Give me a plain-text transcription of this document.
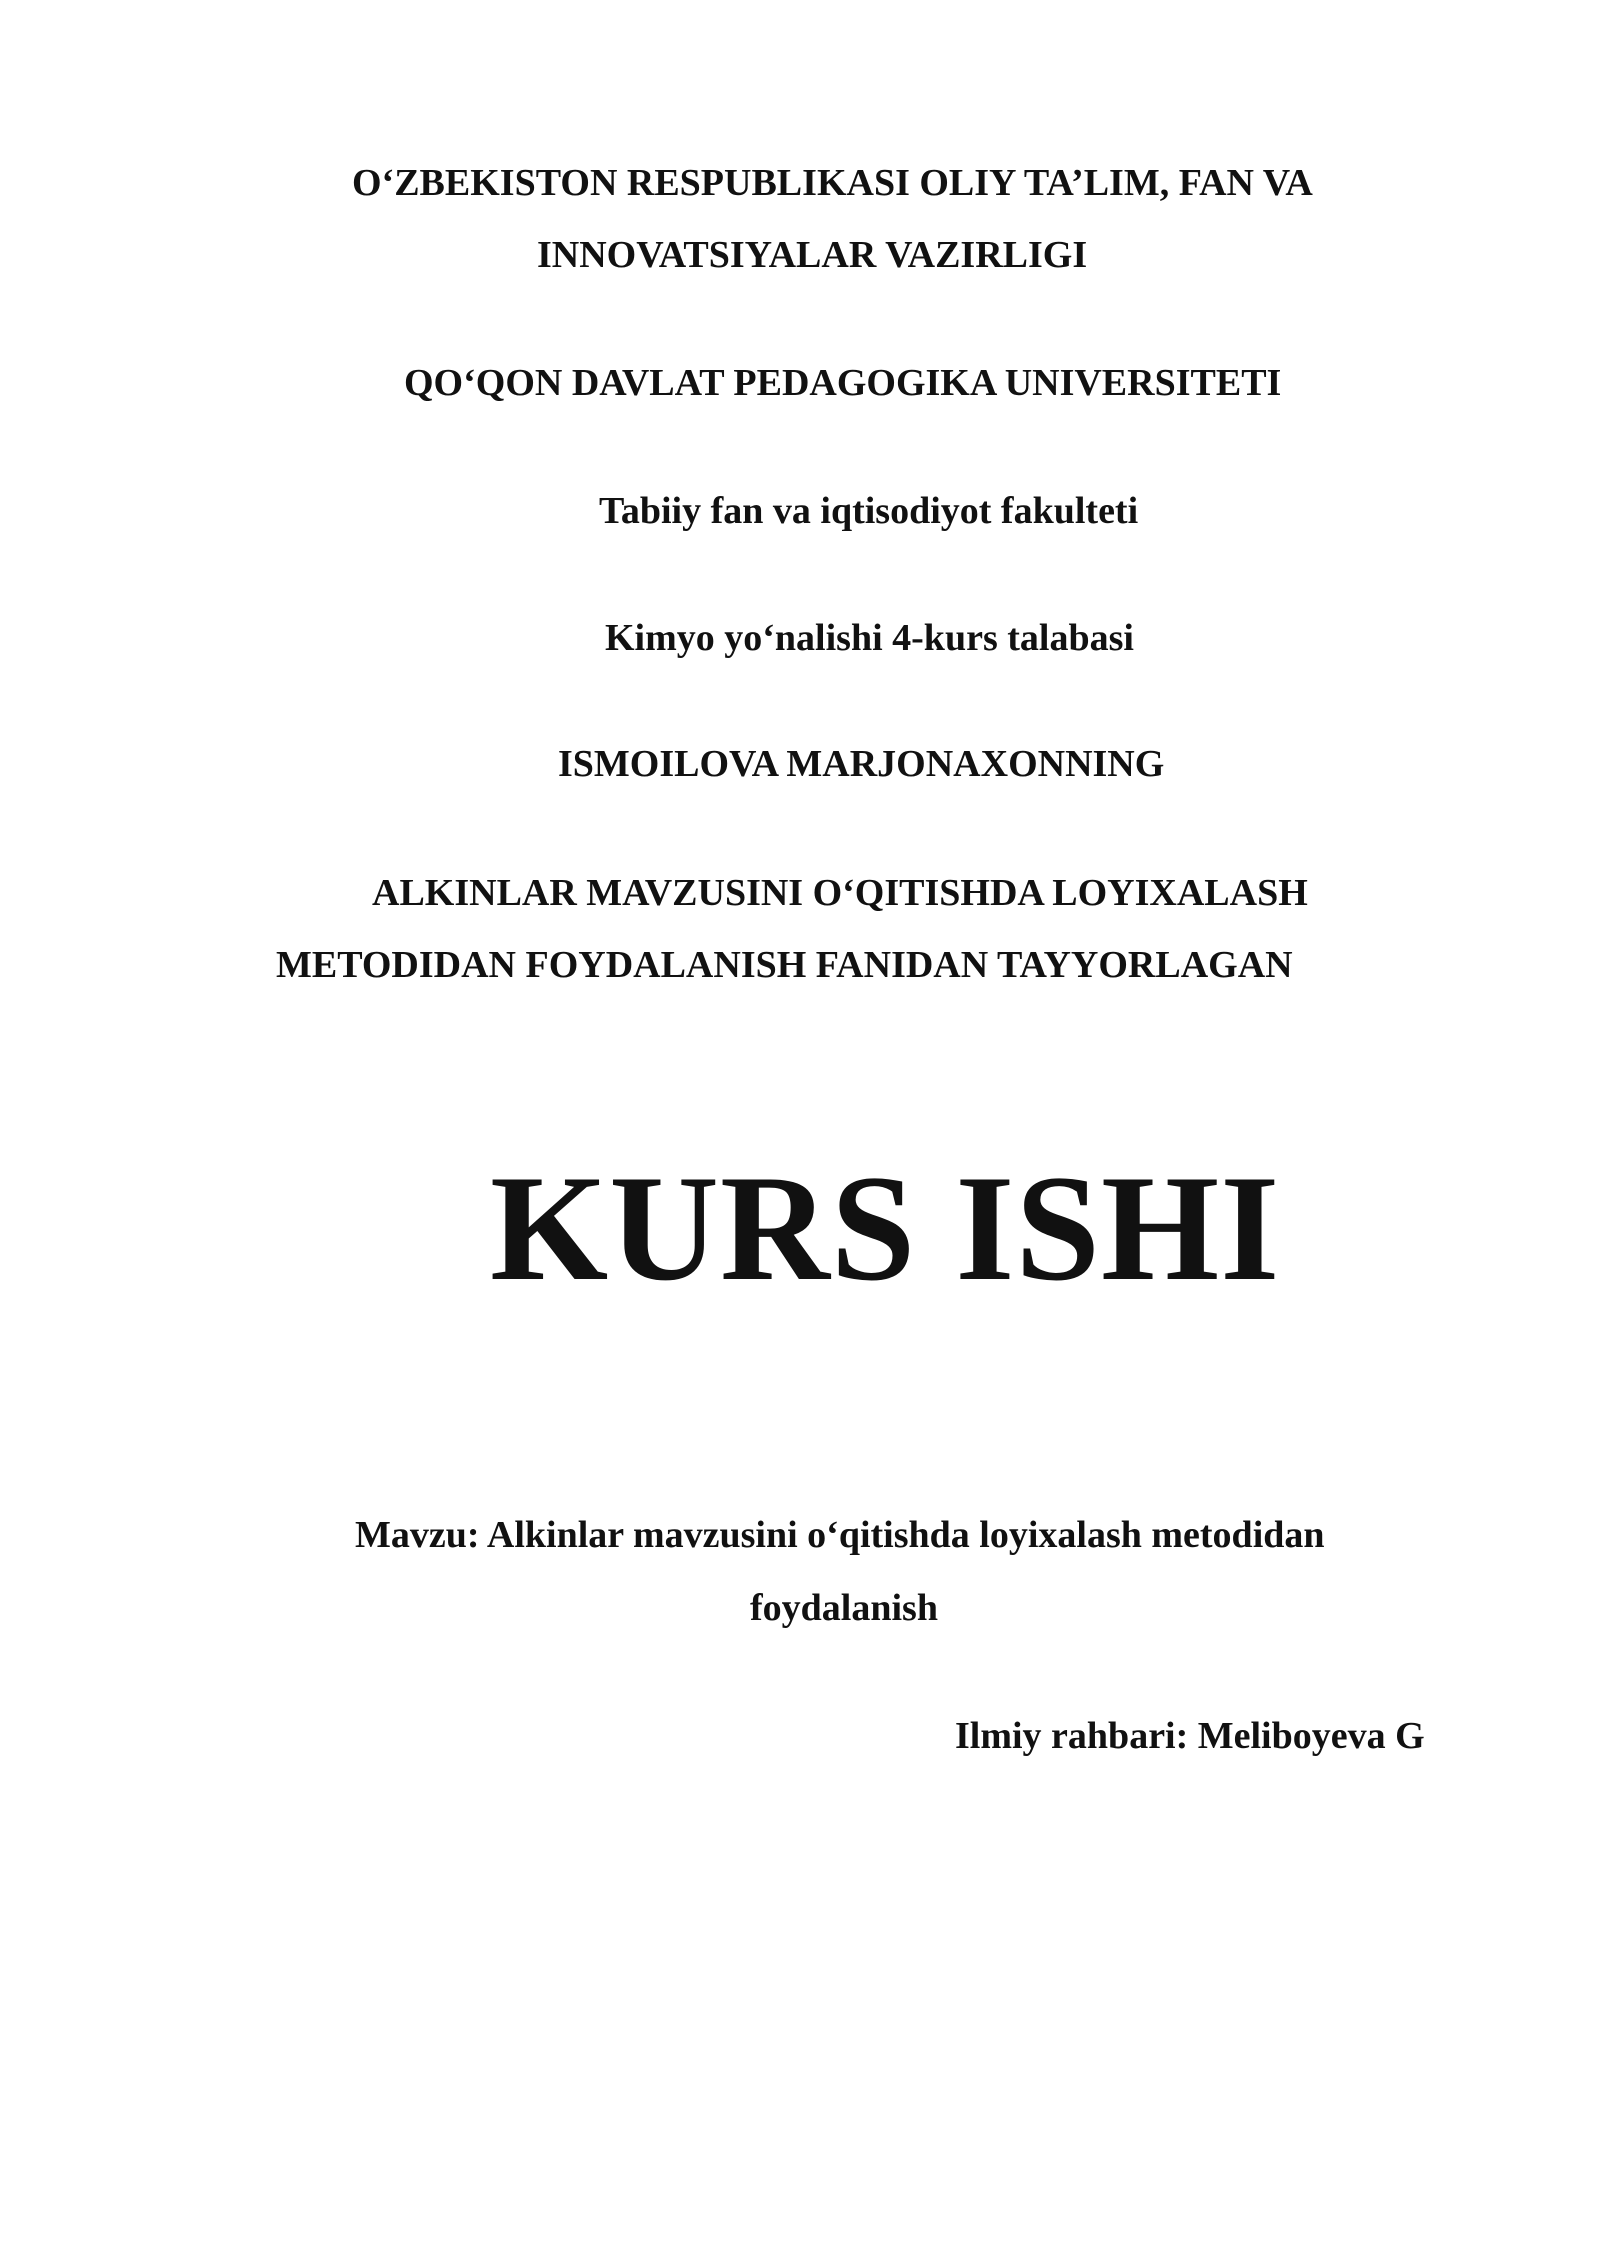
O‘ZBEKISTON RESPUBLIKASI OLIY TA’LIM, FAN VA
INNOVATSIYALAR VAZIRLIGI
QO‘QON DAVLAT PEDAGOGIKA UNIVERSITETI
Tabiiy fan va iqtisodiyot fakulteti
Kimyo yo‘nalishi 4-kurs talabasi
ISMOILOVA MARJONAXONNING
ALKINLAR MAVZUSINI O‘QITISHDA LOYIXALASH
METODIDAN FOYDALANISH FANIDAN TAYYORLAGAN
KURS ISHI
Mavzu: Alkinlar mavzusini o‘qitishda loyixalash metodidan
foydalanish
Ilmiy rahbari: Meliboyeva G
